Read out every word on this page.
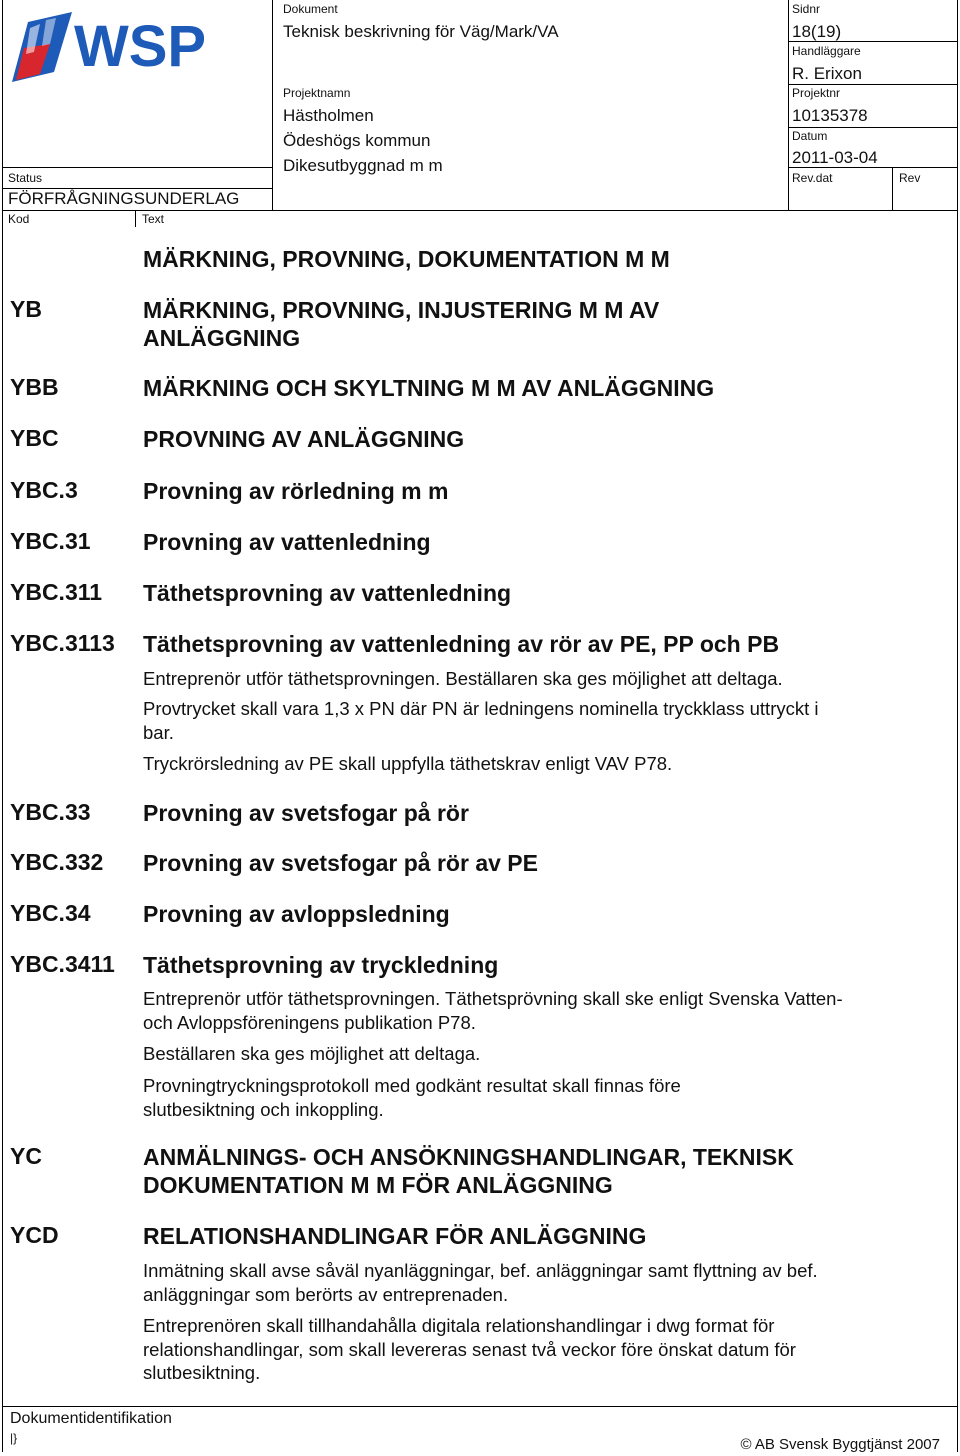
WSP
Dokument
Teknisk beskrivning för Väg/Mark/VA
Sidnr
18(19)
Handläggare
R. Erixon
Projektnamn
Hästholmen
Ödeshögs kommun
Dikesutbyggnad m m
Projektnr
10135378
Datum
2011-03-04
Rev.dat	Rev
Status
FÖRFRÅGNINGSUNDERLAG
Kod	Text
MÄRKNING, PROVNING, DOKUMENTATION M M
YB	MÄRKNING, PROVNING, INJUSTERING M M AV ANLÄGGNING
YBB	MÄRKNING OCH SKYLTNING M M AV ANLÄGGNING
YBC	PROVNING AV ANLÄGGNING
YBC.3	Provning av rörledning m m
YBC.31 Provning av vattenledning
YBC.311 Täthetsprovning av vattenledning
YBC.3113 Täthetsprovning av vattenledning av rör av PE, PP och PB
Entreprenör utför täthetsprovningen. Beställaren ska ges möjlighet att deltaga.
Provtrycket skall vara 1,3 x PN där PN är ledningens nominella tryckklass uttryckt i bar.
Tryckrörsledning av PE skall uppfylla täthetskrav enligt VAV P78.
YBC.33 Provning av svetsfogar på rör
YBC.332 Provning av svetsfogar på rör av PE
YBC.34 Provning av avloppsledning
YBC.3411 Täthetsprovning av tryckledning
Entreprenör utför täthetsprovningen. Täthetsprövning skall ske enligt Svenska Vatten- och Avloppsföreningens publikation P78.
Beställaren ska ges möjlighet att deltaga.
Provningtryckningsprotokoll med godkänt resultat skall finnas före slutbesiktning och inkoppling.
YC	ANMÄLNINGS- OCH ANSÖKNINGSHANDLINGAR, TEKNISK DOKUMENTATION M M FÖR ANLÄGGNING
YCD	RELATIONSHANDLINGAR FÖR ANLÄGGNING
Inmätning skall avse såväl nyanläggningar, bef. anläggningar samt flyttning av bef. anläggningar som berörts av entreprenaden.
Entreprenören skall tillhandahålla digitala relationshandlingar i dwg format för relationshandlingar, som skall levereras senast två veckor före önskat datum för slutbesiktning.
Dokumentidentifikation
|}	© AB Svensk Byggtjänst 2007
